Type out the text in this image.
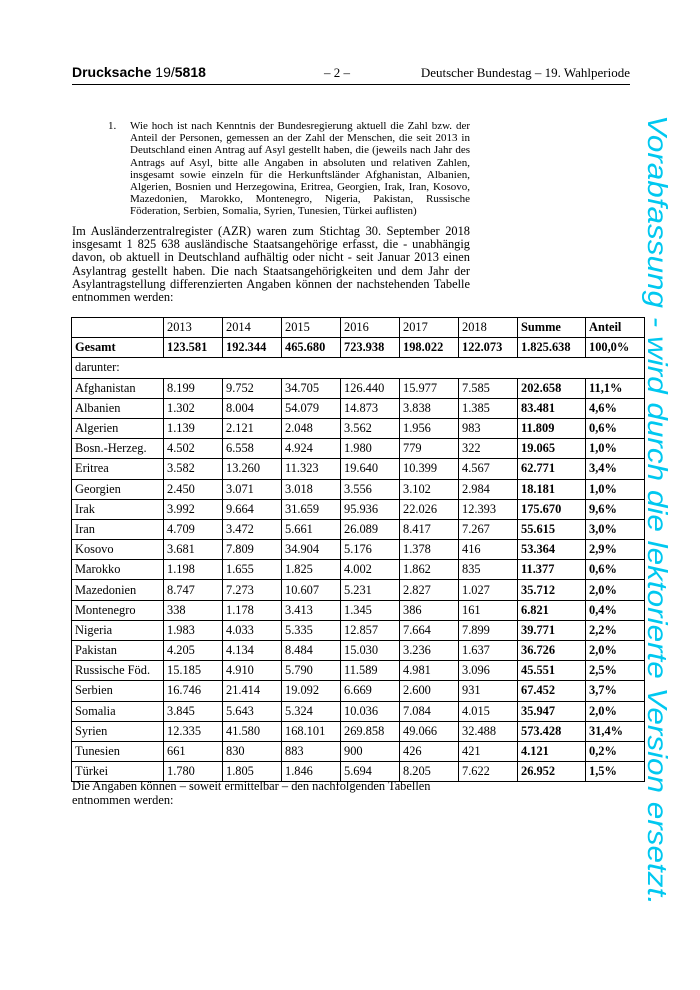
Drucksache 19/5818	– 2 –	Deutscher Bundestag – 19. Wahlperiode
1. Wie hoch ist nach Kenntnis der Bundesregierung aktuell die Zahl bzw. der Anteil der Personen, gemessen an der Zahl der Menschen, die seit 2013 in Deutschland einen Antrag auf Asyl gestellt haben, die (jeweils nach Jahr des Antrags auf Asyl, bitte alle Angaben in absoluten und relativen Zahlen, insgesamt sowie einzeln für die Herkunftsländer Afghanistan, Albanien, Algerien, Bosnien und Herzegowina, Eritrea, Georgien, Irak, Iran, Kosovo, Mazedonien, Marokko, Montenegro, Nigeria, Pakistan, Russische Föderation, Serbien, Somalia, Syrien, Tunesien, Türkei auflisten)
Im Ausländerzentralregister (AZR) waren zum Stichtag 30. September 2018 insgesamt 1 825 638 ausländische Staatsangehörige erfasst, die - unabhängig davon, ob aktuell in Deutschland aufhältig oder nicht - seit Januar 2013 einen Asylantrag gestellt haben. Die nach Staatsangehörigkeiten und dem Jahr der Asylantragstellung differenzierten Angaben können der nachstehenden Tabelle entnommen werden:
	2013	2014	2015	2016	2017	2018	Summe	Anteil
Gesamt	123.581	192.344	465.680	723.938	198.022	122.073	1.825.638	100,0%
darunter:								
Afghanistan	8.199	9.752	34.705	126.440	15.977	7.585	202.658	11,1%
Albanien	1.302	8.004	54.079	14.873	3.838	1.385	83.481	4,6%
Algerien	1.139	2.121	2.048	3.562	1.956	983	11.809	0,6%
Bosn.-Herzeg.	4.502	6.558	4.924	1.980	779	322	19.065	1,0%
Eritrea	3.582	13.260	11.323	19.640	10.399	4.567	62.771	3,4%
Georgien	2.450	3.071	3.018	3.556	3.102	2.984	18.181	1,0%
Irak	3.992	9.664	31.659	95.936	22.026	12.393	175.670	9,6%
Iran	4.709	3.472	5.661	26.089	8.417	7.267	55.615	3,0%
Kosovo	3.681	7.809	34.904	5.176	1.378	416	53.364	2,9%
Marokko	1.198	1.655	1.825	4.002	1.862	835	11.377	0,6%
Mazedonien	8.747	7.273	10.607	5.231	2.827	1.027	35.712	2,0%
Montenegro	338	1.178	3.413	1.345	386	161	6.821	0,4%
Nigeria	1.983	4.033	5.335	12.857	7.664	7.899	39.771	2,2%
Pakistan	4.205	4.134	8.484	15.030	3.236	1.637	36.726	2,0%
Russische Föd.	15.185	4.910	5.790	11.589	4.981	3.096	45.551	2,5%
Serbien	16.746	21.414	19.092	6.669	2.600	931	67.452	3,7%
Somalia	3.845	5.643	5.324	10.036	7.084	4.015	35.947	2,0%
Syrien	12.335	41.580	168.101	269.858	49.066	32.488	573.428	31,4%
Tunesien	661	830	883	900	426	421	4.121	0,2%
Türkei	1.780	1.805	1.846	5.694	8.205	7.622	26.952	1,5%
Die Angaben können – soweit ermittelbar – den nachfolgenden Tabellen entnommen werden:	Vorabfassung - wird durch die lektorierte Version ersetzt.
